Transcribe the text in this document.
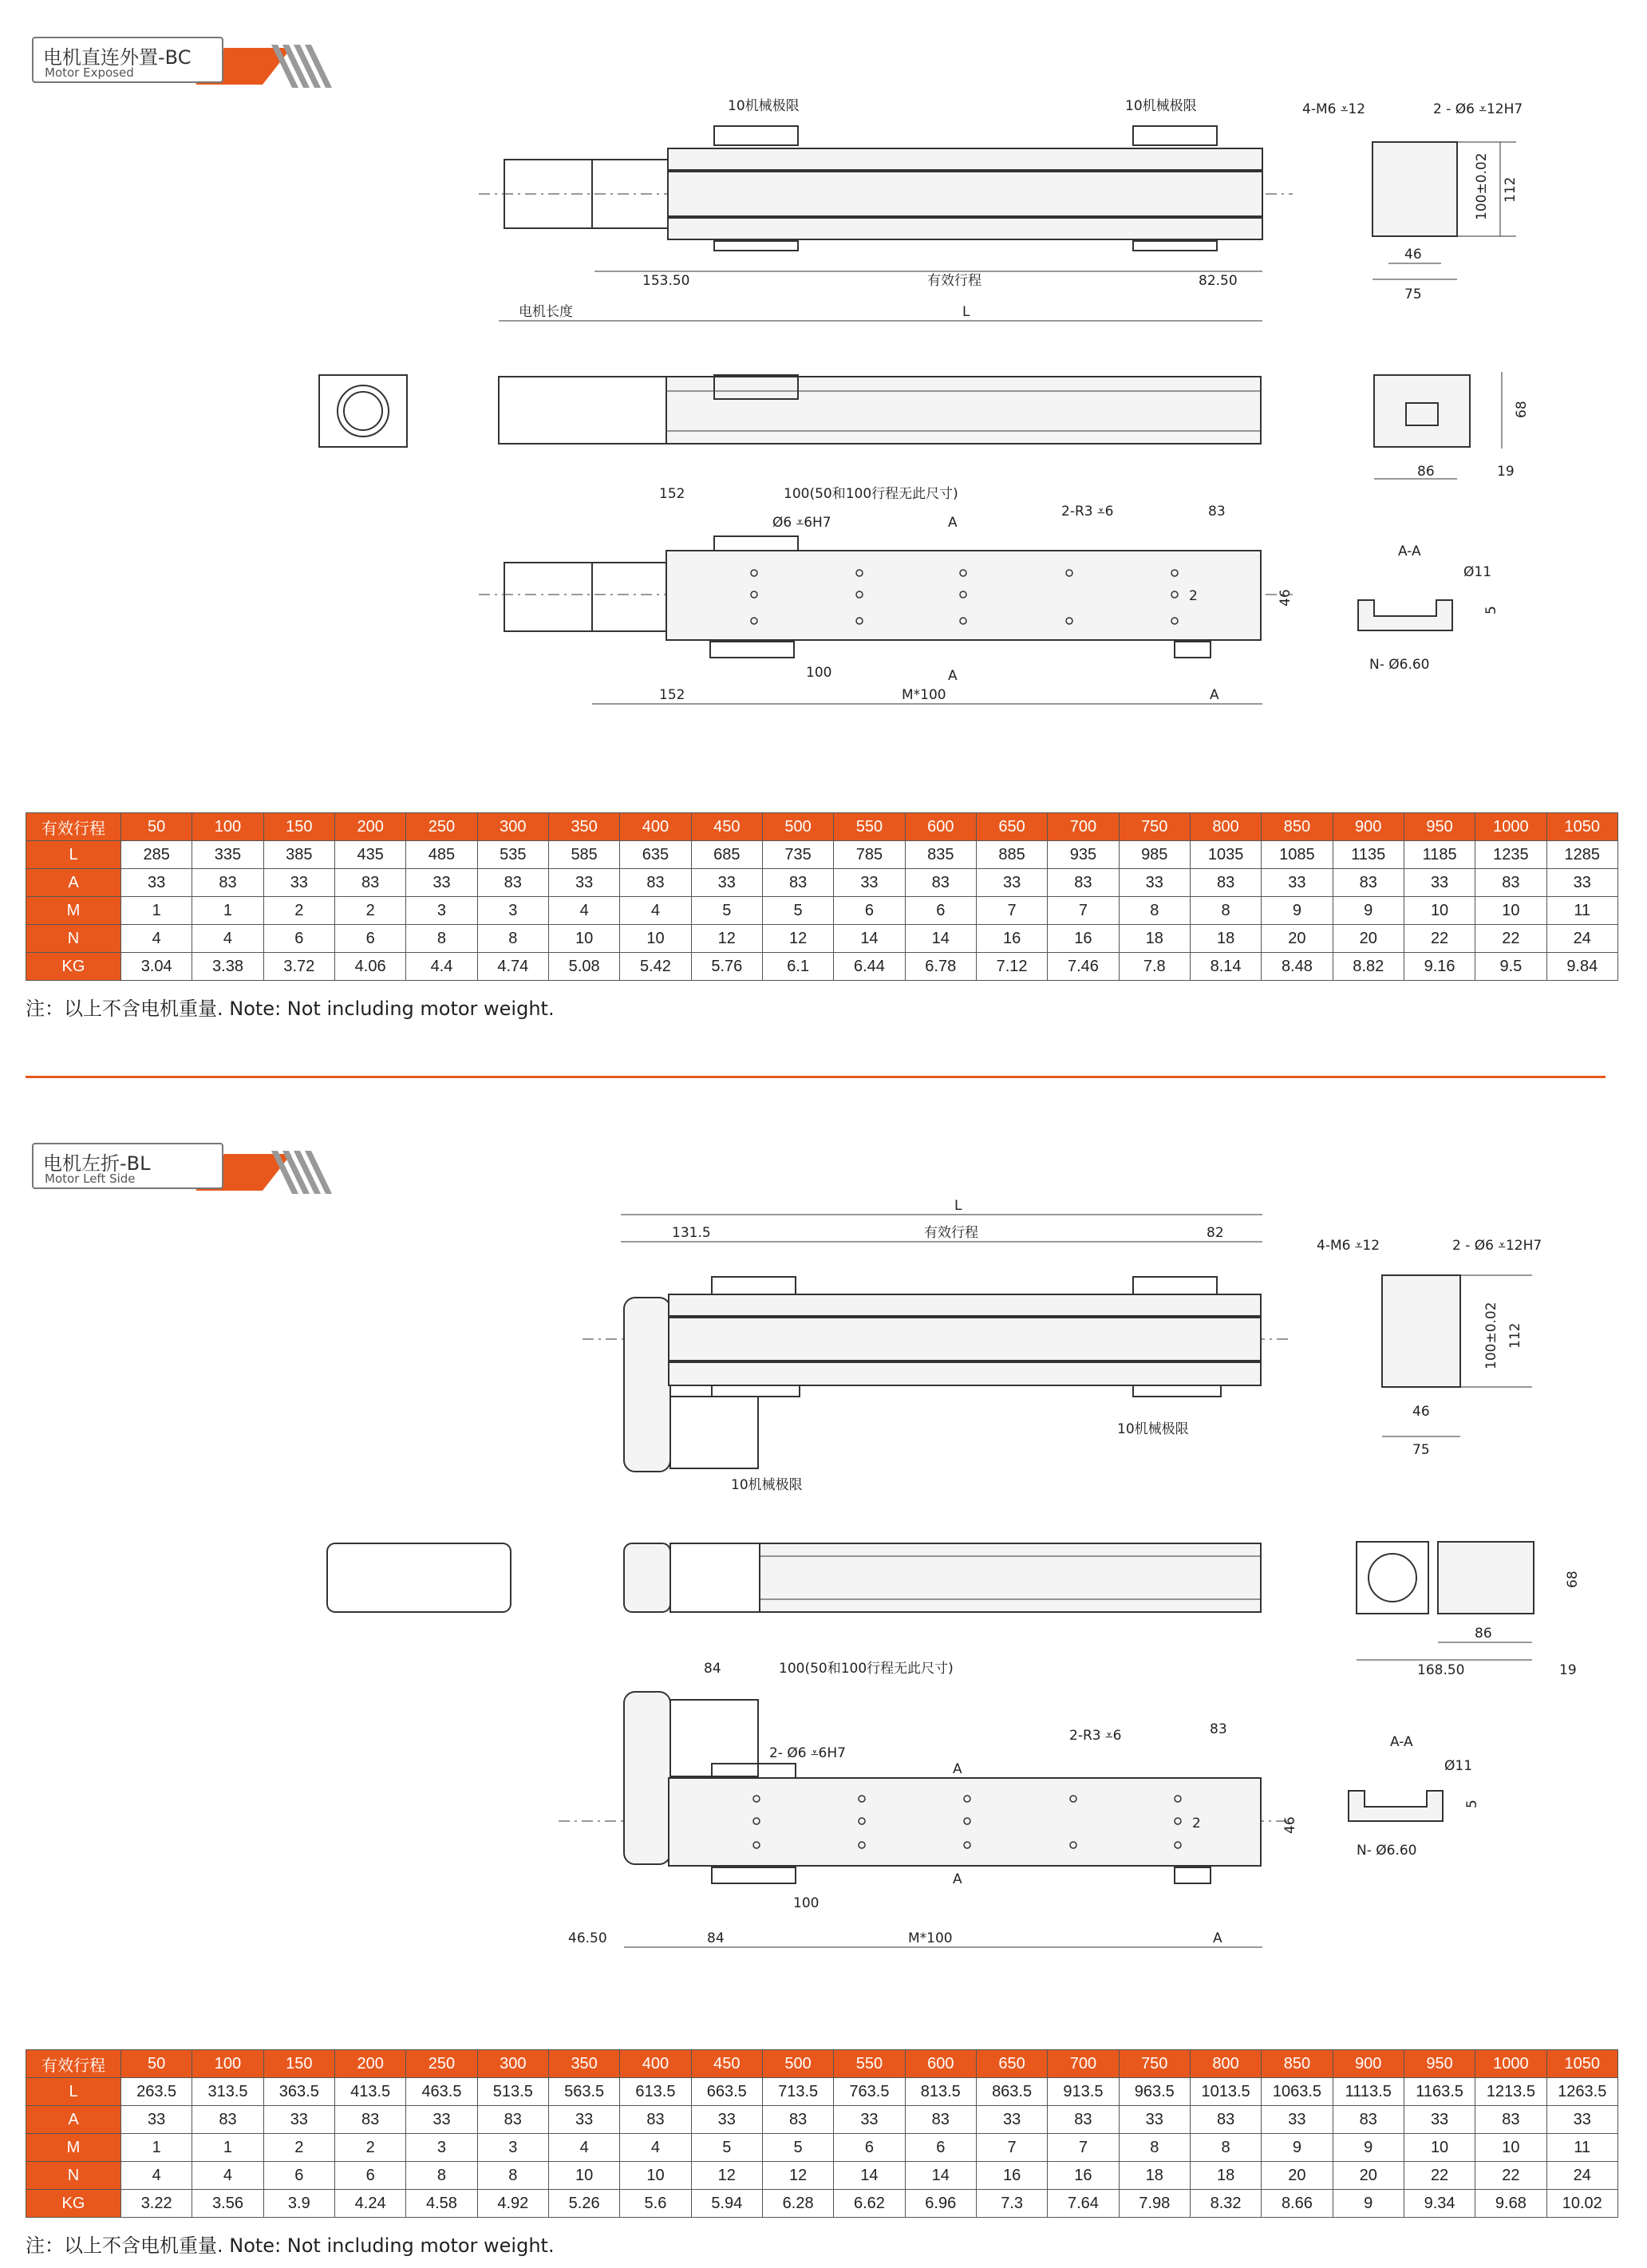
电机直连外置-BC
Motor Exposed
10机械极限	10机械极限
153.50	有效行程	82.50
电机长度	L
4-M6 ⩡12	2 - Ø6 ⩡12H7
46
75
100±0.02 112
86	19
68
152	100(50和100行程无此尺寸)
Ø6 ⩡6H7	A
2-R3 ⩡6	83
46
2
100	A
152	M*100	A
A-A
Ø11
5
N- Ø6.60
有效行程	50	100	150	200	250	300	350	400	450	500	550	600	650	700	750	800	850	900	950	1000	1050
L	285	335	385	435	485	535	585	635	685	735	785	835	885	935	985	1035	1085	1135	1185	1235	1285
A	33	83	33	83	33	83	33	83	33	83	33	83	33	83	33	83	33	83	33	83	33
M	1	1	2	2	3	3	4	4	5	5	6	6	7	7	8	8	9	9	10	10	11
N	4	4	6	6	8	8	10	10	12	12	14	14	16	16	18	18	20	20	22	22	24
KG	3.04	3.38	3.72	4.06	4.4	4.74	5.08	5.42	5.76	6.1	6.44	6.78	7.12	7.46	7.8	8.14	8.48	8.82	9.16	9.5	9.84
注：以上不含电机重量. Note: Not including motor weight.
电机左折-BL
Motor Left Side
L
131.5	有效行程	82
10机械极限
10机械极限
4-M6 ⩡12	2 - Ø6 ⩡12H7
46
75
100±0.02 112
86
168.50	19
68
84	100(50和100行程无此尺寸)
2- Ø6 ⩡6H7
A
2-R3 ⩡6	83
46
2
100
A
46.50	84	M*100	A
A-A
Ø11
5
N- Ø6.60
有效行程	50	100	150	200	250	300	350	400	450	500	550	600	650	700	750	800	850	900	950	1000	1050
L	263.5	313.5	363.5	413.5	463.5	513.5	563.5	613.5	663.5	713.5	763.5	813.5	863.5	913.5	963.5	1013.5	1063.5	1113.5	1163.5	1213.5	1263.5
A	33	83	33	83	33	83	33	83	33	83	33	83	33	83	33	83	33	83	33	83	33
M	1	1	2	2	3	3	4	4	5	5	6	6	7	7	8	8	9	9	10	10	11
N	4	4	6	6	8	8	10	10	12	12	14	14	16	16	18	18	20	20	22	22	24
KG	3.22	3.56	3.9	4.24	4.58	4.92	5.26	5.6	5.94	6.28	6.62	6.96	7.3	7.64	7.98	8.32	8.66	9	9.34	9.68	10.02
注：以上不含电机重量. Note: Not including motor weight.
